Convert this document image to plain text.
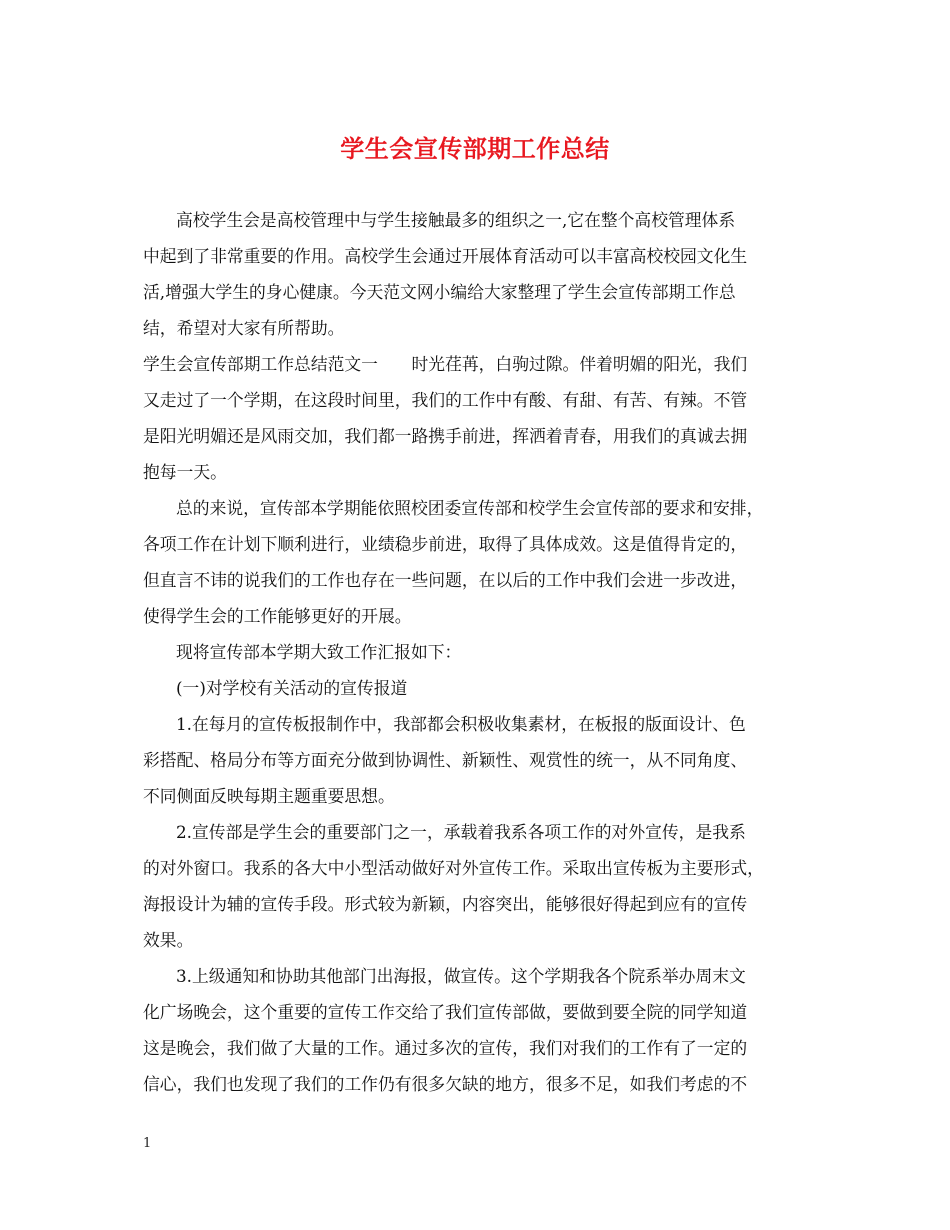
学生会宣传部期工作总结
高校学生会是高校管理中与学生接触最多的组织之一,它在整个高校管理体系
中起到了非常重要的作用。高校学生会通过开展体育活动可以丰富高校校园文化生
活,增强大学生的身心健康。今天范文网小编给大家整理了学生会宣传部期工作总
结，希望对大家有所帮助。
学生会宣传部期工作总结范文一　　时光荏苒，白驹过隙。伴着明媚的阳光，我们
又走过了一个学期，在这段时间里，我们的工作中有酸、有甜、有苦、有辣。不管
是阳光明媚还是风雨交加，我们都一路携手前进，挥洒着青春，用我们的真诚去拥
抱每一天。
总的来说，宣传部本学期能依照校团委宣传部和校学生会宣传部的要求和安排，
各项工作在计划下顺利进行，业绩稳步前进，取得了具体成效。这是值得肯定的，
但直言不讳的说我们的工作也存在一些问题，在以后的工作中我们会进一步改进，
使得学生会的工作能够更好的开展。
现将宣传部本学期大致工作汇报如下：
(一)对学校有关活动的宣传报道
1.在每月的宣传板报制作中，我部都会积极收集素材，在板报的版面设计、色
彩搭配、格局分布等方面充分做到协调性、新颖性、观赏性的统一，从不同角度、
不同侧面反映每期主题重要思想。
2.宣传部是学生会的重要部门之一，承载着我系各项工作的对外宣传，是我系
的对外窗口。我系的各大中小型活动做好对外宣传工作。采取出宣传板为主要形式，
海报设计为辅的宣传手段。形式较为新颖，内容突出，能够很好得起到应有的宣传
效果。
3.上级通知和协助其他部门出海报，做宣传。这个学期我各个院系举办周末文
化广场晚会，这个重要的宣传工作交给了我们宣传部做，要做到要全院的同学知道
这是晚会，我们做了大量的工作。通过多次的宣传，我们对我们的工作有了一定的
信心，我们也发现了我们的工作仍有很多欠缺的地方，很多不足，如我们考虑的不
1
